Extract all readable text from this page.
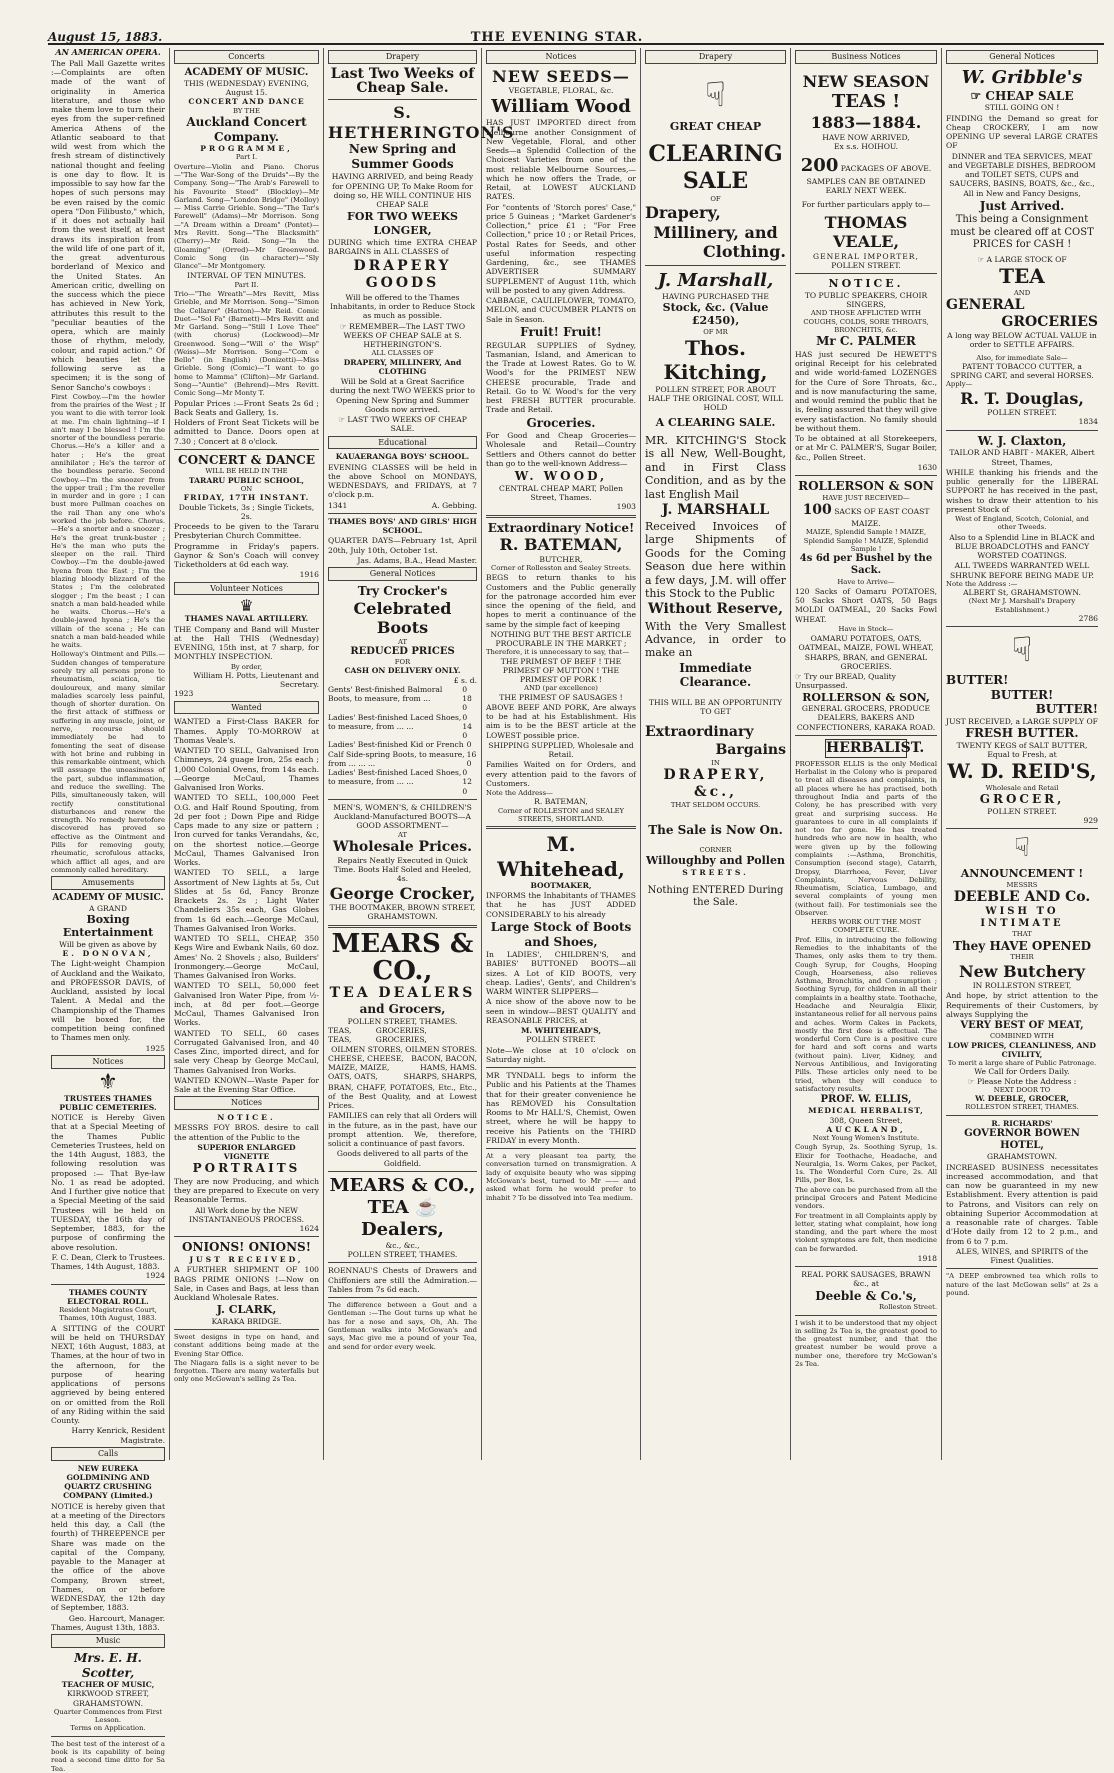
August 15, 1883.	THE EVENING STAR.
AN AMERICAN OPERA.

The Pall Mall Gazette writes :—Complaints are often made of the want of originality in America literature, and those who make them love to turn their eyes from the super-refined America Athens of the Atlantic seaboard to that wild west from which the fresh stream of distinctively national thought and feeling is one day to flow. It is impossible to say how far the hopes of such persons may be even raised by the comic opera "Don Filibusto," which, if it does not actually hail from the west itself, at least draws its inspiration from the wild life of one part of it, the great adventurous borderland of Mexico and the United States. An American critic, dwelling on the success which the piece has achieved in New York, attributes this result to the "peculiar beauties of the opera, which are mainly those of rhythm, melody, colour, and rapid action." Of which beauties let the following serve as a specimen; it is the song of Senor Sancho's cowboys :

First Cowboy.—I'm the howler from the prairies of the West ; If you want to die with terror look at me. I'm chain lightning—if I ain't may I be blessed ! I'm the snorter of the boundless perarie. Chorus.—He's a killer and a hater ; He's the great annihilator ; He's the terror of the boundless perarie. Second Cowboy.—I'm the snoozer from the upper trail ; I'm the reveller in murder and in gore ; I can bust more Pullman coaches on the rail Than any one who's worked the job before. Chorus.—He's a snorter and a snoozer ; He's the great trunk-buster ; He's the man who puts the sleeper on the rail. Third Cowboy.—I'm the double-jawed hyena from the East ; I'm the blazing bloody blizzard of the States ; I'm the celebrated slogger ; I'm the beast ; I can snatch a man bald-headed while he waits. Chorus.—He's a double-jawed hyena ; He's the villain of the scena ; He can snatch a man bald-headed while he waits.

Holloway's Ointment and Pills.—Sudden changes of temperature sorely try all persons prone to rheumatism, sciatica, tic douloureux, and many similar maladies scarcely less painful, though of shorter duration. On the first attack of stiffness or suffering in any muscle, joint, or nerve, recourse should immediately be had to fomenting the seat of disease with hot brine and rubbing in this remarkable ointment, which will assuage the uneasiness of the part, subdue inflammation, and reduce the swelling. The Pills, simultaneously taken, will rectify constitutional disturbances and renew the strength. No remedy heretofore discovered has proved so effective as the Ointment and Pills for removing gouty, rheumatic, scrofulous attacks, which afflict all ages, and are commonly called hereditary.

Amusements
ACADEMY OF MUSIC.
A GRAND
Boxing Entertainment
Will be given as above by
E. DONOVAN,

The Light-weight Champion of Auckland and the Waikato, and PROFESSOR DAVIS, of Auckland, assisted by local Talent. A Medal and the Championship of the Thames will be boxed for, the competition being confined to Thames men only.

1925
Notices
⚜
TRUSTEES THAMES PUBLIC CEMETERIES.

NOTICE is Hereby Given that at a Special Meeting of the Thames Public Cemeteries Trustees, held on the 14th August, 1883, the following resolution was proposed :— That Bye-law No. 1 as read be adopted. And I further give notice that a Special Meeting of the said Trustees will be held on TUESDAY, the 16th day of September, 1883, for the purpose of confirming the above resolution.

F. C. Dean, Clerk to Trustees.
Thames, 14th August, 1883.
1924
THAMES COUNTY ELECTORAL ROLL.
Resident Magistrates Court, Thames, 10th August, 1883.

A SITTING of the COURT will be held on THURSDAY NEXT, 16th August, 1883, at Thames, at the hour of two in the afternoon, for the purpose of hearing applications of persons aggrieved by being entered on or omitted from the Roll of any Riding within the said County.

Harry Kenrick, Resident Magistrate.
Calls
NEW EUREKA GOLDMINING AND QUARTZ CRUSHING COMPANY (Limited.)

NOTICE is hereby given that at a meeting of the Directors held this day, a Call (the fourth) of THREEPENCE per Share was made on the capital of the Company, payable to the Manager at the office of the above Company, Brown street, Thames, on or before WEDNESDAY, the 12th day of September, 1883.

Geo. Harcourt, Manager.
Thames, August 13th, 1883.
Music
Mrs. E. H. Scotter,
TEACHER OF MUSIC,
KIRKWOOD STREET, GRAHAMSTOWN.
Quarter Commences from First Lesson.
Terms on Application.

The best test of the interest of a book is its capability of being read a second time ditto for Sa Tea.

Concerts
ACADEMY OF MUSIC.
THIS (WEDNESDAY) EVENING, August 15.
CONCERT AND DANCE
BY THE
Auckland Concert Company.
PROGRAMME,
Part I.

Overture—Violin and Piano. Chorus—"The War-Song of the Druids"—By the Company. Song—"The Arab's Farewell to his Favourite Steed" (Blockley)—Mr Garland. Song—"London Bridge" (Molloy) — Miss Carrie Grieble. Song—"The Tar's Farewell" (Adams)—Mr Morrison. Song—"A Dream within a Dream" (Pontet)—Mrs Revitt. Song—"The Blacksmith" (Cherry)—Mr Reid. Song—"In the Gloaming" (Orred)—Mr Greenwood. Comic Song (in character)—"Sly Glance"—Mr Montgomery.

INTERVAL OF TEN MINUTES.
Part II.

Trio—"The Wreath"—Mrs Revitt, Miss Grieble, and Mr Morrison. Song—"Simon the Cellarer" (Hatton)—Mr Reid. Comic Duet—"Sol Fa" (Barnett)—Mrs Revitt and Mr Garland. Song—"Still I Love Thee" (with chorus) (Lockwood)—Mr Greenwood. Song—"Will o' the Wisp" (Weiss)—Mr Morrison. Song—"Com e Bello" (in English) (Donizetti)—Miss Grieble. Song (Comic)—"I want to go home to Mamma" (Clifton)—Mr Garland. Song—"Auntie" (Behrend)—Mrs Revitt. Comic Song—Mr Monty T.

Popular Prices :—Front Seats 2s 6d ; Back Seats and Gallery, 1s.

Holders of Front Seat Tickets will be admitted to Dance. Doors open at 7.30 ; Concert at 8 o'clock.

CONCERT & DANCE
WILL BE HELD IN THE
TARARU PUBLIC SCHOOL,
ON
FRIDAY, 17TH INSTANT.
Double Tickets, 3s ; Single Tickets, 2s.

Proceeds to be given to the Tararu Presbyterian Church Committee.

Programme in Friday's papers. Gaynor & Son's Coach will convey Ticketholders at 6d each way.

1916
Volunteer Notices
♛
THAMES NAVAL ARTILLERY.

THE Company and Band will Muster at the Hall THIS (Wednesday) EVENING, 15th inst, at 7 sharp, for MONTHLY INSPECTION.

By order,
William H. Potts, Lieutenant and Secretary.
1923
Wanted

WANTED a First-Class BAKER for Thames. Apply TO-MORROW at Thomas Veale's.

WANTED TO SELL, Galvanised Iron Chimneys, 24 guage Iron, 25s each ; 1,000 Colonial Ovens, from 14s each.—George McCaul, Thames Galvanised Iron Works.

WANTED TO SELL, 100,000 Feet O.G. and Half Round Spouting, from 2d per foot ; Down Pipe and Ridge Caps made to any size or pattern ; Iron curved for tanks Verandahs, &c, on the shortest notice.—George McCaul, Thames Galvanised Iron Works.

WANTED TO SELL, a large Assortment of New Lights at 5s, Cut Slides at 5s 6d, Fancy Bronze Brackets 2s. 2s ; Light Water Chandeliers 35s each, Gas Globes from 1s 6d each.—George McCaul, Thames Galvanised Iron Works.

WANTED TO SELL, CHEAP, 350 Kegs Wire and Ewbank Nails, 60 doz. Ames' No. 2 Shovels ; also, Builders' Ironmongery.—George McCaul, Thames Galvanised Iron Works.

WANTED TO SELL, 50,000 feet Galvanised Iron Water Pipe, from ½-inch, at 8d per foot.—George McCaul, Thames Galvanised Iron Works.

WANTED TO SELL, 60 cases Corrugated Galvanised Iron, and 40 Cases Zinc, imported direct, and for sale very Cheap by George McCaul, Thames Galvanised Iron Works.

WANTED KNOWN—Waste Paper for Sale at the Evening Star Office.

Notices
NOTICE.

MESSRS FOY BROS. desire to call the attention of the Public to the

SUPERIOR ENLARGED VIGNETTE
PORTRAITS

They are now Producing, and which they are prepared to Execute on very Reasonable Terms.

All Work done by the NEW INSTANTANEOUS PROCESS.
1624
ONIONS! ONIONS!
JUST RECEIVED,

A FURTHER SHIPMENT OF 100 BAGS PRIME ONIONS !—Now on Sale, in Cases and Bags, at less than Auckland Wholesale Rates.

J. CLARK,
KARAKA BRIDGE.

Sweet designs in type on hand, and constant additions being made at the Evening Star Office.

The Niagara falls is a sight never to be forgotten. There are many waterfalls but only one McGowan's selling 2s Tea.

Drapery
Last Two Weeks of Cheap Sale.
S. HETHERINGTON'S
New Spring and Summer Goods

HAVING ARRIVED, and being Ready for OPENING UP, To Make Room for doing so, HE WILL CONTINUE HIS CHEAP SALE

FOR TWO WEEKS LONGER,

DURING which time EXTRA CHEAP BARGAINS in ALL CLASSES of

DRAPERY GOODS

Will be offered to the Thames Inhabitants, in order to Reduce Stock as much as possible.

☞ REMEMBER—The LAST TWO WEEKS OF CHEAP SALE at S. HETHERINGTON'S.
ALL CLASSES OF
DRAPERY, MILLINERY, And CLOTHING

Will be Sold at a Great Sacrifice during the next TWO WEEKS prior to Opening New Spring and Summer Goods now arrived.

☞ LAST TWO WEEKS OF CHEAP SALE.
Educational
KAUAERANGA BOYS' SCHOOL.

EVENING CLASSES will be held in the above School on MONDAYS, WEDNESDAYS, and FRIDAYS, at 7 o'clock p.m.

1341	A. Gebbing.
THAMES BOYS' AND GIRLS' HIGH SCHOOL.

QUARTER DAYS—February 1st, April 20th, July 10th, October 1st.

Jas. Adams, B.A., Head Master.
General Notices
Try Crocker's
Celebrated Boots
AT
REDUCED PRICES
FOR
CASH ON DELIVERY ONLY.
£ s. d.
Gents' Best-finished Balmoral Boots, to measure, from ...
0 18 0
Ladies' Best-finished Laced Shoes, to measure, from ... ...
0 14 0
Ladies' Best-finished Kid or French Calf Side-spring Boots, to measure, from ... ... ...
0 16 0
Ladies' Best-finished Laced Shoes, to measure, from ... ...
0 12 0
MEN'S, WOMEN'S, & CHILDREN'S Auckland-Manufactured BOOTS—A GOOD ASSORTMENT—
AT
Wholesale Prices.
Repairs Neatly Executed in Quick Time. Boots Half Soled and Heeled, 4s.
George Crocker,
THE BOOTMAKER, BROWN STREET, GRAHAMSTOWN.
MEARS & CO.,
TEA DEALERS
and Grocers,
POLLEN STREET, THAMES.
TEAS, TEAS,
GROCERIES, GROCERIES,
OILMEN STORES, OILMEN STORES.
CHEESE, CHEESE, BACON, BACON,
MAIZE, MAIZE,	HAMS, HAMS.
OATS, OATS,	SHARPS, SHARPS,

BRAN, CHAFF, POTATOES, Etc., Etc., of the Best Quality, and at Lowest Prices.

FAMILIES can rely that all Orders will in the future, as in the past, have our prompt attention. We, therefore, solicit a continuance of past favors.

Goods delivered to all parts of the Goldfield.
MEARS & CO.,
TEA ☕ Dealers,
&c., &c.,
POLLEN STREET, THAMES.

ROENNAU'S Chests of Drawers and Chiffoniers are still the Admiration.—Tables from 7s 6d each.

The difference between a Gout and a Gentleman :—The Gout turns up what he has for a nose and says, Oh, Ah. The Gentleman walks into McGowan's and says, Mac give me a pound of your Tea, and send for order every week.

Notices
NEW SEEDS—
VEGETABLE, FLORAL, &c.
William Wood

HAS JUST IMPORTED direct from Melbourne another Consignment of New Vegetable, Floral, and other Seeds—a Splendid Collection of the Choicest Varieties from one of the most reliable Melbourne Sources,—which he now offers the Trade, or Retail, at LOWEST AUCKLAND RATES.

For "contents of 'Storch pores' Case," price 5 Guineas ; "Market Gardener's Collection," price £1 ; "For Free Collection," price 10 ; or Retail Prices, Postal Rates for Seeds, and other useful information respecting Gardening, &c., see THAMES ADVERTISER SUMMARY SUPPLEMENT of August 11th, which will be posted to any given Address.

CABBAGE, CAULIFLOWER, TOMATO, MELON, and CUCUMBER PLANTS on Sale in Season.

Fruit! Fruit!

REGULAR SUPPLIES of Sydney, Tasmanian, Island, and American to the Trade at Lowest Rates. Go to W. Wood's for the PRIMEST NEW CHEESE procurable, Trade and Retail. Go to W. Wood's for the very best FRESH BUTTER procurable. Trade and Retail.

Groceries.

For Good and Cheap Groceries—Wholesale and Retail—Country Settlers and Others cannot do better than go to the well-known Address—

W. WOOD,
CENTRAL CHEAP MART, Pollen Street, Thames.
1903
Extraordinary Notice!
R. BATEMAN,
BUTCHER,
Corner of Rollesston and Sealey Streets.

BEGS to return thanks to his Customers and the Public generally for the patronage accorded him ever since the opening of the field, and hopes to merit a continuance of the same by the simple fact of keeping

NOTHING BUT THE BEST ARTICLE PROCURABLE IN THE MARKET ;
Therefore, it is unnecessary to say, that—
THE PRIMEST OF BEEF ! THE PRIMEST OF MUTTON ! THE PRIMEST OF PORK !
AND (par excellence)
THE PRIMEST OF SAUSAGES !

ABOVE BEEF AND PORK, Are always to be had at his Establishment. His aim is to be the BEST article at the LOWEST possible price.

SHIPPING SUPPLIED, Wholesale and Retail.

Families Waited on for Orders, and every attention paid to the favors of Customers.

Note the Address—
R. BATEMAN,
Corner of ROLLESTON and SEALEY STREETS, SHORTLAND.
M. Whitehead,
BOOTMAKER,

INFORMS the Inhabitants of THAMES that he has JUST ADDED CONSIDERABLY to his already

Large Stock of Boots and Shoes,

In LADIES', CHILDREN'S, and BABIES' BUTTONED BOOTS—all sizes. A Lot of KID BOOTS, very cheap. Ladies', Gents', and Children's WARM WINTER SLIPPERS—

A nice show of the above now to be seen in window—BEST QUALITY and REASONABLE PRICES, at

M. WHITEHEAD'S,
POLLEN STREET.

Note—We close at 10 o'clock on Saturday night.

MR TYNDALL begs to inform the Public and his Patients at the Thames that for their greater convenience he has REMOVED his Consultation Rooms to Mr HALL'S, Chemist, Owen street, where he will be happy to receive his Patients on the THIRD FRIDAY in every Month.

At a very pleasant tea party, the conversation turned on transmigration. A lady of exquisite beauty who was sipping McGowan's best, turned to Mr —— and asked what form he would prefer to inhabit ? To be dissolved into Tea medium.

Drapery
☟
GREAT CHEAP
CLEARING
SALE
OF
Drapery,
Millinery, and
Clothing.
J. Marshall,
HAVING PURCHASED THE
Stock, &c. (Value £2450),
OF MR
Thos. Kitching,
POLLEN STREET, FOR ABOUT HALF THE ORIGINAL COST, WILL HOLD
A CLEARING SALE.

MR. KITCHING'S Stock is all New, Well-Bought, and in First Class Condition, and as by the last English Mail

J. MARSHALL

Received Invoices of large Shipments of Goods for the Coming Season due here within a few days, J.M. will offer this Stock to the Public

Without Reserve,

With the Very Smallest Advance, in order to make an

Immediate Clearance.
THIS WILL BE AN OPPORTUNITY TO GET
Extraordinary
Bargains
IN
DRAPERY, &c.,
THAT SELDOM OCCURS.
The Sale is Now On.
CORNER
Willoughby and Pollen
STREETS.
Nothing ENTERED During the Sale.
Business Notices
NEW SEASON
TEAS !
1883—1884.
HAVE NOW ARRIVED,
Ex s.s. HOIHOU.
200 PACKAGES OF ABOVE.
SAMPLES CAN BE OBTAINED EARLY NEXT WEEK.
For further particulars apply to—
THOMAS VEALE,
GENERAL IMPORTER,
POLLEN STREET.
NOTICE.
TO PUBLIC SPEAKERS, CHOIR SINGERS,
AND THOSE AFFLICTED WITH COUGHS, COLDS, SORE THROATS, BRONCHITIS, &c.
Mr C. PALMER

HAS just secured De HEWETT'S original Receipt for his celebrated and wide world-famed LOZENGES for the Cure of Sore Throats, &c., and is now manufacturing the same, and would remind the public that he is, feeling assured that they will give every satisfaction. No family should be without them.

To be obtained at all Storekeepers, or at Mr C. PALMER'S, Sugar Boiler, &c., Pollen Street.

1630
ROLLERSON & SON
HAVE JUST RECEIVED—
100 SACKS OF EAST COAST MAIZE.
MAIZE, Splendid Sample ! MAIZE, Splendid Sample ! MAIZE, Splendid Sample !
4s 6d per Bushel by the Sack.
Have to Arrive—

120 Sacks of Oamaru POTATOES, 50 Sacks Short OATS, 50 Bags MOLDI OATMEAL, 20 Sacks Fowl WHEAT.

Have in Stock—

OAMARU POTATOES, OATS, OATMEAL, MAIZE, FOWL WHEAT, SHARPS, BRAN, and GENERAL GROCERIES.

☞ Try our BREAD, Quality Unsurpassed.
ROLLERSON & SON,
GENERAL GROCERS, PRODUCE DEALERS, BAKERS AND CONFECTIONERS, KARAKA ROAD.
HERBALIST.

PROFESSOR ELLIS is the only Medical Herbalist in the Colony who is prepared to treat all diseases and complaints, in all places where he has practised, both throughout India and parts of the Colony, he has prescribed with very great and surprising success. He guarantees to cure in all complaints if not too far gone. He has treated hundreds who are now in health, who were given up by the following complaints :—Asthma, Bronchitis, Consumption (second stage), Catarrh, Dropsy, Diarrhoea, Fever, Liver Complaints, Nervous Debility, Rheumatism, Sciatica, Lumbago, and several complaints of young men (without fail). For testimonials see the Observer.

HERBS WORK OUT THE MOST COMPLETE CURE.

Prof. Ellis, in introducing the following Remedies to the inhabitants of the Thames, only asks them to try them. Cough Syrup, for Coughs, Hooping Cough, Hoarseness, also relieves Asthma, Bronchitis, and Consumption ; Soothing Syrup, for children in all their complaints in a healthy state. Toothache, Headache and Neuralgia Elixir, instantaneous relief for all nervous pains and aches. Worm Cakes in Packets, mostly the first dose is effectual. The wonderful Corn Cure is a positive cure for hard and soft corns and warts (without pain). Liver, Kidney, and Nervous Antibilious, and Invigorating Pills. These articles only need to be tried, when they will conduce to satisfactory results.

PROF. W. ELLIS,
MEDICAL HERBALIST,
308, Queen Street,
AUCKLAND,
Next Young Women's Institute.

Cough Syrup, 2s. Soothing Syrup, 1s. Elixir for Toothache, Headache, and Neuralgia, 1s. Worm Cakes, per Packet, 1s. The Wonderful Corn Cure, 2s. All Pills, per Box, 1s.

The above can be purchased from all the principal Grocers and Patent Medicine vendors.

For treatment in all Complaints apply by letter, stating what complaint, how long standing, and the part where the most violent symptoms are felt, then medicine can be forwarded.

1918
REAL PORK SAUSAGES, BRAWN &c., at
Deeble & Co.'s,
Rolleston Street.

I wish it to be understood that my object in selling 2s Tea is, the greatest good to the greatest number, and that the greatest number be would prove a number one, therefore try McGowan's 2s Tea.

General Notices
W. Gribble's
☞ CHEAP SALE
STILL GOING ON !

FINDING the Demand so great for Cheap CROCKERY, I am now OPENING UP several LARGE CRATES OF

DINNER and TEA SERVICES, MEAT and VEGETABLE DISHES, BEDROOM and TOILET SETS, CUPS and SAUCERS, BASINS, BOATS, &c., &c., All in New and Fancy Designs,

Just Arrived.

This being a Consignment must be cleared off at COST PRICES for CASH !

☞ A LARGE STOCK OF
TEA
AND
GENERAL
GROCERIES
A long way BELOW ACTUAL VALUE in order to SETTLE AFFAIRS.
Also, for immediate Sale—
PATENT TOBACCO CUTTER, a SPRING CART, and several HORSES.
Apply—
R. T. Douglas,
POLLEN STREET.
1834
W. J. Claxton,
TAILOR AND HABIT - MAKER, Albert Street, Thames,

WHILE thanking his friends and the public generally for the LIBERAL SUPPORT he has received in the past, wishes to draw their attention to his present Stock of

West of England, Scotch, Colonial, and other Tweeds.

Also to a Splendid Line in BLACK and BLUE BROADCLOTHS and FANCY WORSTED COATINGS.

ALL TWEEDS WARRANTED WELL SHRUNK BEFORE BEING MADE UP.
Note the Address :—
ALBERT St, GRAHAMSTOWN.
(Next Mr J. Marshall's Drapery Establishment.)
2786
☟
BUTTER!
BUTTER!
BUTTER!
JUST RECEIVED, a LARGE SUPPLY OF
FRESH BUTTER.
TWENTY KEGS of SALT BUTTER, Equal to Fresh, at
W. D. REID'S,
Wholesale and Retail
GROCER,
POLLEN STREET.
929
☟
ANNOUNCEMENT !
MESSRS
DEEBLE AND Co.
WISH TO INTIMATE
THAT
They HAVE OPENED
THEIR
New Butchery
IN ROLLESTON STREET,

And hope, by strict attention to the Requirements of their Customers, by always Supplying the

VERY BEST OF MEAT,
COMBINED WITH
LOW PRICES, CLEANLINESS, AND CIVILITY,
To merit a large share of Public Patronage.
We Call for Orders Daily.
☞ Please Note the Address :
NEXT DOOR TO
W. DEEBLE, GROCER,
ROLLESTON STREET, THAMES.
R. RICHARDS'
GOVERNOR BOWEN HOTEL,
GRAHAMSTOWN.

INCREASED BUSINESS necessitates increased accommodation, and that can now be guaranteed in my new Establishment. Every attention is paid to Patrons, and Visitors can rely on obtaining Superior Accommodation at a reasonable rate of charges. Table d'Hote daily from 12 to 2 p.m., and from 6 to 7 p.m.

ALES, WINES, and SPIRITS of the Finest Qualities.

"A DEEP embrowned tea which rolls to nature of the last McGowan sells" at 2s a pound.
